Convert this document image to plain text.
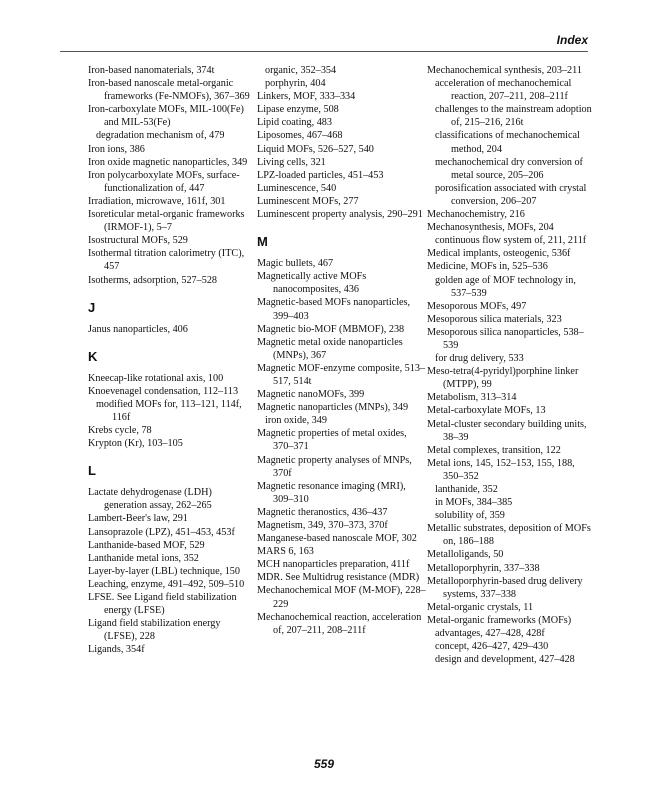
Index
Iron-based nanomaterials, 374t
Iron-based nanoscale metal-organic frameworks (Fe-NMOFs), 367–369
Iron-carboxylate MOFs, MIL-100(Fe) and MIL-53(Fe)
degradation mechanism of, 479
Iron ions, 386
Iron oxide magnetic nanoparticles, 349
Iron polycarboxylate MOFs, surface-functionalization of, 447
Irradiation, microwave, 161f, 301
Isoreticular metal-organic frameworks (IRMOF-1), 5–7
Isostructural MOFs, 529
Isothermal titration calorimetry (ITC), 457
Isotherms, adsorption, 527–528
J
Janus nanoparticles, 406
K
Kneecap-like rotational axis, 100
Knoevenagel condensation, 112–113
modified MOFs for, 113–121, 114f, 116f
Krebs cycle, 78
Krypton (Kr), 103–105
L
Lactate dehydrogenase (LDH) generation assay, 262–265
Lambert-Beer's law, 291
Lansoprazole (LPZ), 451–453, 453f
Lanthanide-based MOF, 529
Lanthanide metal ions, 352
Layer-by-layer (LBL) technique, 150
Leaching, enzyme, 491–492, 509–510
LFSE. See Ligand field stabilization energy (LFSE)
Ligand field stabilization energy (LFSE), 228
Ligands, 354f
organic, 352–354
porphyrin, 404
Linkers, MOF, 333–334
Lipase enzyme, 508
Lipid coating, 483
Liposomes, 467–468
Liquid MOFs, 526–527, 540
Living cells, 321
LPZ-loaded particles, 451–453
Luminescence, 540
Luminescent MOFs, 277
Luminescent property analysis, 290–291
M
Magic bullets, 467
Magnetically active MOFs nanocomposites, 436
Magnetic-based MOFs nanoparticles, 399–403
Magnetic bio-MOF (MBMOF), 238
Magnetic metal oxide nanoparticles (MNPs), 367
Magnetic MOF-enzyme composite, 513–517, 514t
Magnetic nanoMOFs, 399
Magnetic nanoparticles (MNPs), 349
iron oxide, 349
Magnetic properties of metal oxides, 370–371
Magnetic property analyses of MNPs, 370f
Magnetic resonance imaging (MRI), 309–310
Magnetic theranostics, 436–437
Magnetism, 349, 370–373, 370f
Manganese-based nanoscale MOF, 302
MARS 6, 163
MCH nanoparticles preparation, 411f
MDR. See Multidrug resistance (MDR)
Mechanochemical MOF (M-MOF), 228–229
Mechanochemical reaction, acceleration of, 207–211, 208–211f
Mechanochemical synthesis, 203–211
acceleration of mechanochemical reaction, 207–211, 208–211f
challenges to the mainstream adoption of, 215–216, 216t
classifications of mechanochemical method, 204
mechanochemical dry conversion of metal source, 205–206
porosification associated with crystal conversion, 206–207
Mechanochemistry, 216
Mechanosynthesis, MOFs, 204
continuous flow system of, 211, 211f
Medical implants, osteogenic, 536f
Medicine, MOFs in, 525–536
golden age of MOF technology in, 537–539
Mesoporous MOFs, 497
Mesoporous silica materials, 323
Mesoporous silica nanoparticles, 538–539
for drug delivery, 533
Meso-tetra(4-pyridyl)porphine linker (MTPP), 99
Metabolism, 313–314
Metal-carboxylate MOFs, 13
Metal-cluster secondary building units, 38–39
Metal complexes, transition, 122
Metal ions, 145, 152–153, 155, 188, 350–352
lanthanide, 352
in MOFs, 384–385
solubility of, 359
Metallic substrates, deposition of MOFs on, 186–188
Metalloligands, 50
Metalloporphyrin, 337–338
Metalloporphyrin-based drug delivery systems, 337–338
Metal-organic crystals, 11
Metal-organic frameworks (MOFs)
advantages, 427–428, 428f
concept, 426–427, 429–430
design and development, 427–428
559
